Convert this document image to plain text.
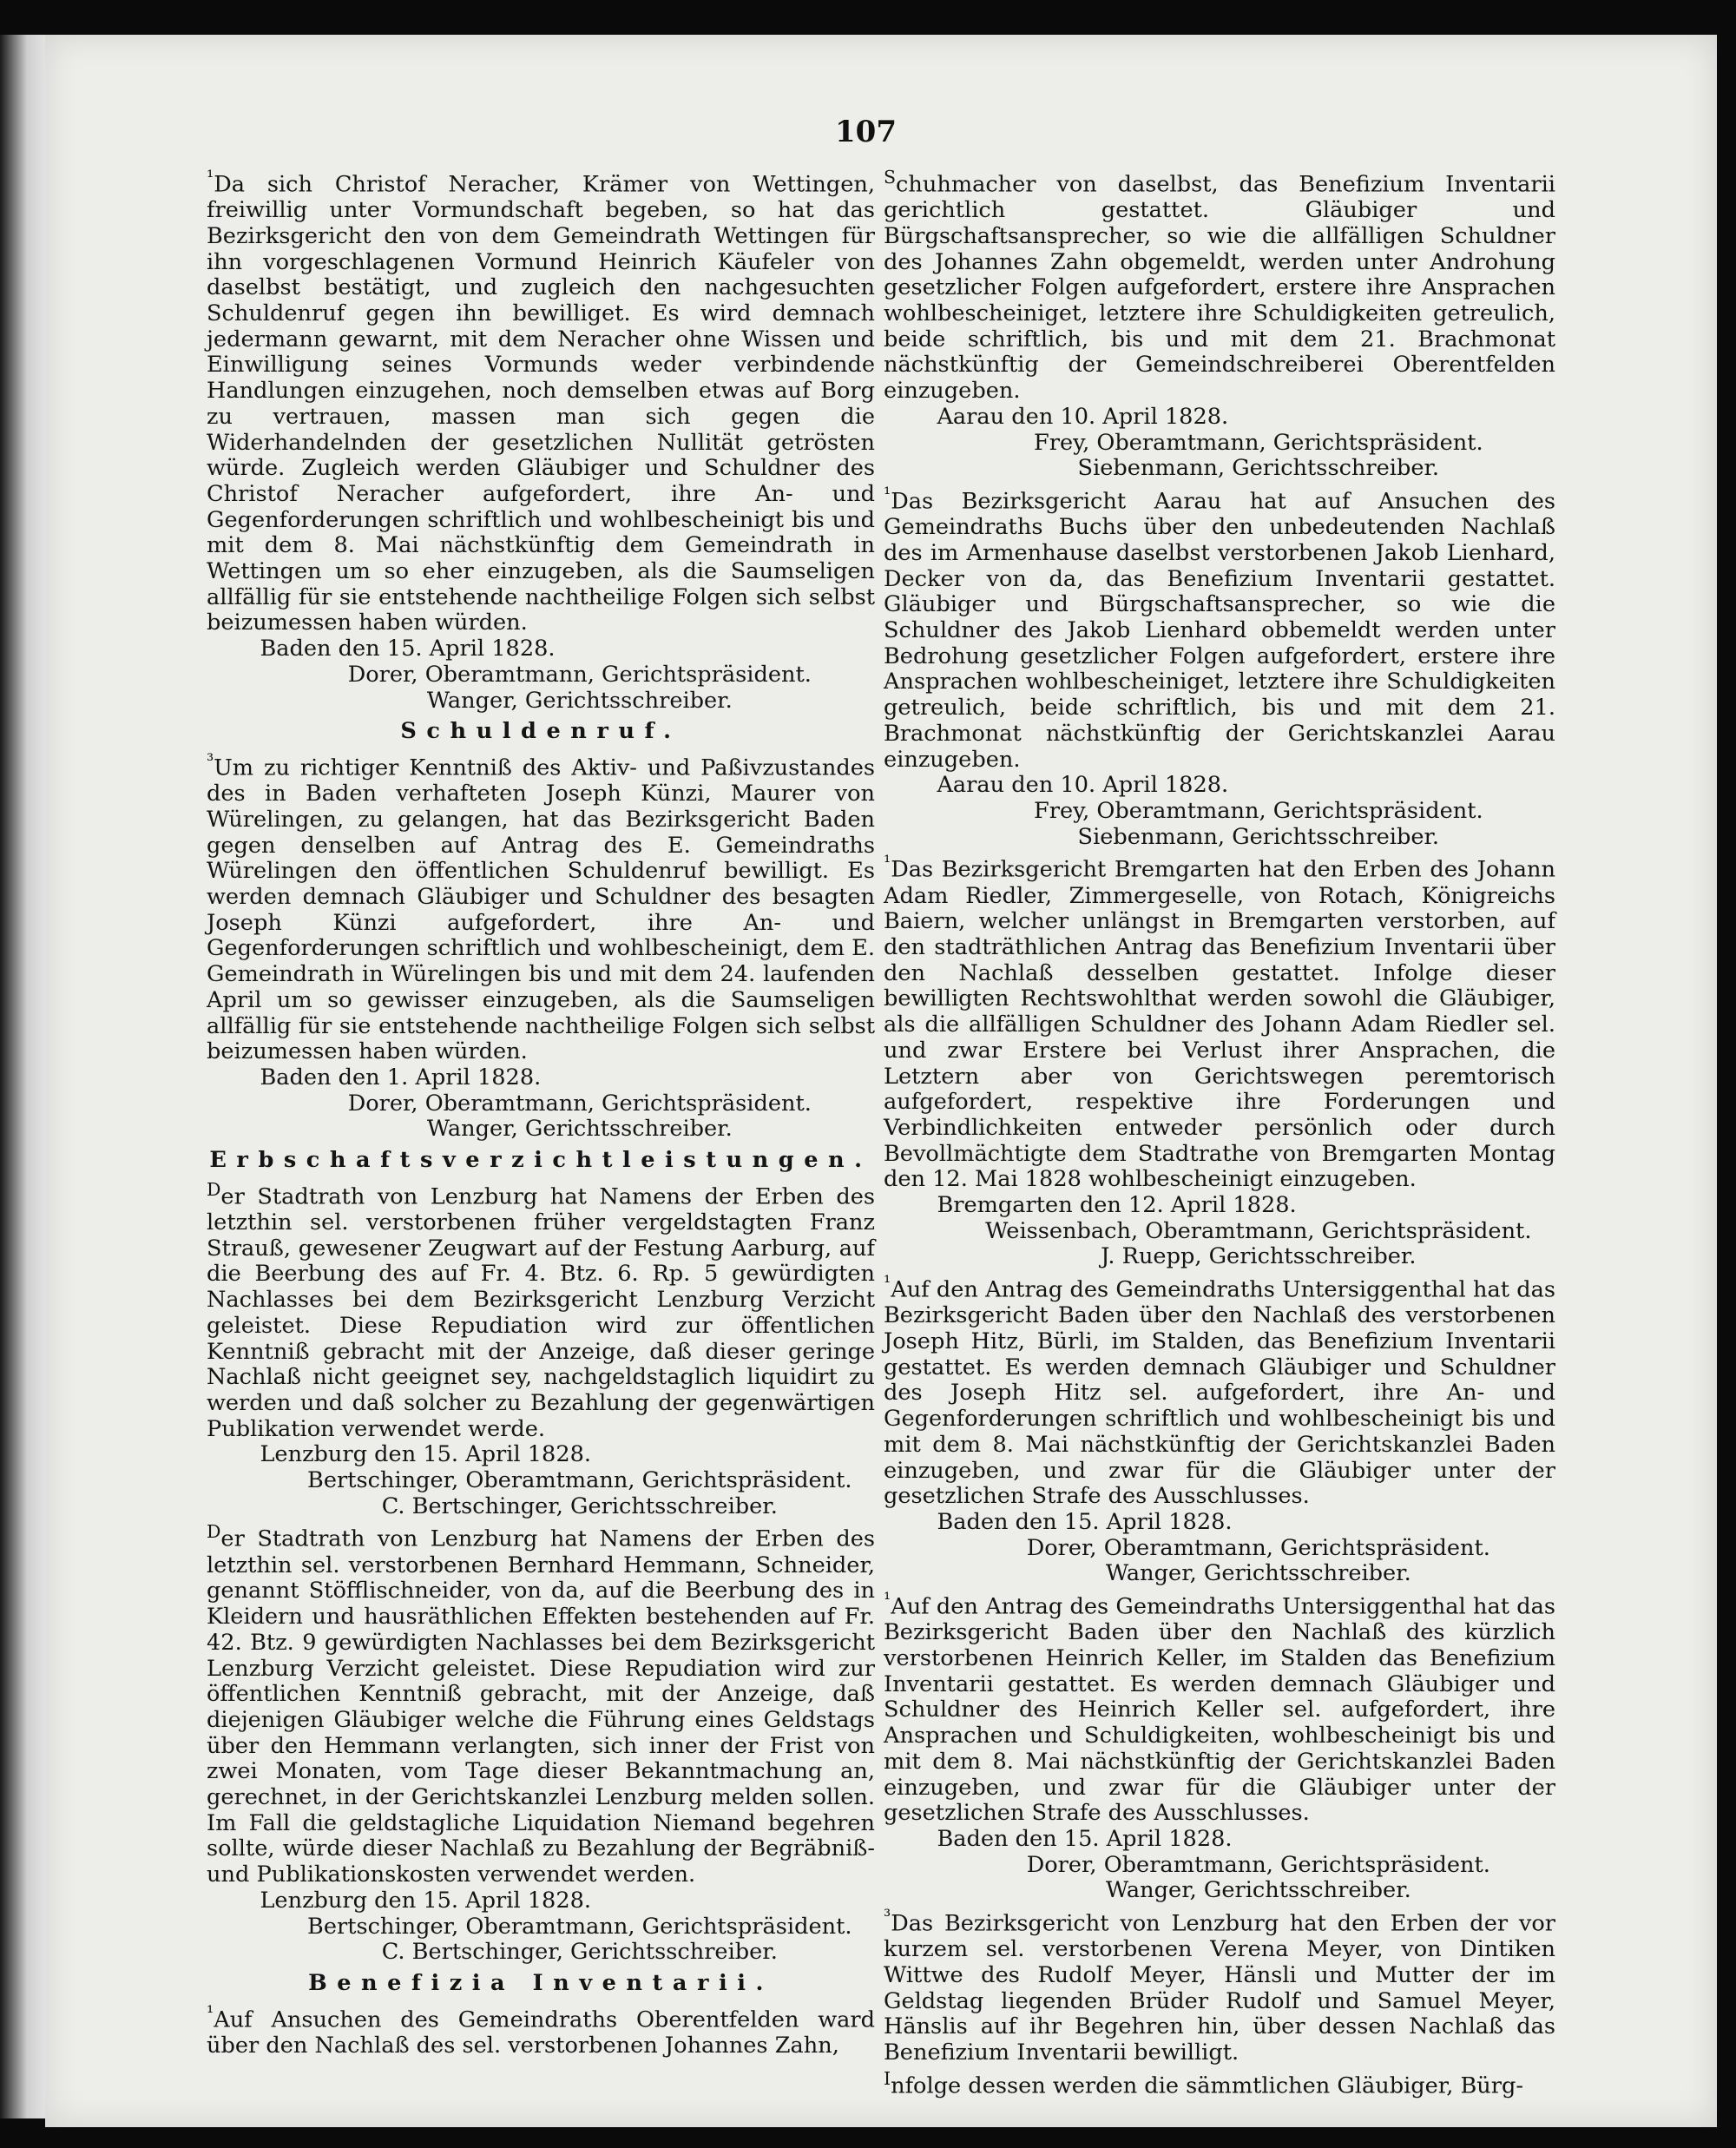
107

¹Da sich Christof Neracher, Krämer von Wettingen, freiwillig unter Vormundschaft begeben, so hat das Bezirksgericht den von dem Gemeindrath Wettingen für ihn vorgeschlagenen Vormund Heinrich Käufeler von daselbst bestätigt, und zugleich den nachgesuchten Schuldenruf gegen ihn bewilliget. Es wird demnach jedermann gewarnt, mit dem Neracher ohne Wissen und Einwilligung seines Vormunds weder verbindende Handlungen einzugehen, noch demselben etwas auf Borg zu vertrauen, massen man sich gegen die Widerhandelnden der gesetzlichen Nullität getrösten würde. Zugleich werden Gläubiger und Schuldner des Christof Neracher aufgefordert, ihre An- und Gegenforderungen schriftlich und wohlbescheinigt bis und mit dem 8. Mai nächstkünftig dem Gemeindrath in Wettingen um so eher einzugeben, als die Saumseligen allfällig für sie entstehende nachtheilige Folgen sich selbst beizumessen haben würden.

Baden den 15. April 1828.

Dorer, Oberamtmann, Gerichtspräsident.

Wanger, Gerichtsschreiber.

Schuldenruf.

³Um zu richtiger Kenntniß des Aktiv- und Paßivzustandes des in Baden verhafteten Joseph Künzi, Maurer von Würelingen, zu gelangen, hat das Bezirksgericht Baden gegen denselben auf Antrag des E. Gemeindraths Würelingen den öffentlichen Schuldenruf bewilligt. Es werden demnach Gläubiger und Schuldner des besagten Joseph Künzi aufgefordert, ihre An- und Gegenforderungen schriftlich und wohlbescheinigt, dem E. Gemeindrath in Würelingen bis und mit dem 24. laufenden April um so gewisser einzugeben, als die Saumseligen allfällig für sie entstehende nachtheilige Folgen sich selbst beizumessen haben würden.

Baden den 1. April 1828.

Dorer, Oberamtmann, Gerichtspräsident.

Wanger, Gerichtsschreiber.

Erbschaftsverzichtleistungen.

Der Stadtrath von Lenzburg hat Namens der Erben des letzthin sel. verstorbenen früher vergeldstagten Franz Strauß, gewesener Zeugwart auf der Festung Aarburg, auf die Beerbung des auf Fr. 4. Btz. 6. Rp. 5 gewürdigten Nachlasses bei dem Bezirksgericht Lenzburg Verzicht geleistet. Diese Repudiation wird zur öffentlichen Kenntniß gebracht mit der Anzeige, daß dieser geringe Nachlaß nicht geeignet sey, nachgeldstaglich liquidirt zu werden und daß solcher zu Bezahlung der gegenwärtigen Publikation verwendet werde.

Lenzburg den 15. April 1828.

Bertschinger, Oberamtmann, Gerichtspräsident.

C. Bertschinger, Gerichtsschreiber.

Der Stadtrath von Lenzburg hat Namens der Erben des letzthin sel. verstorbenen Bernhard Hemmann, Schneider, genannt Stöfflischneider, von da, auf die Beerbung des in Kleidern und hausräthlichen Effekten bestehenden auf Fr. 42. Btz. 9 gewürdigten Nachlasses bei dem Bezirksgericht Lenzburg Verzicht geleistet. Diese Repudiation wird zur öffentlichen Kenntniß gebracht, mit der Anzeige, daß diejenigen Gläubiger welche die Führung eines Geldstags über den Hemmann verlangten, sich inner der Frist von zwei Monaten, vom Tage dieser Bekanntmachung an, gerechnet, in der Gerichtskanzlei Lenzburg melden sollen. Im Fall die geldstagliche Liquidation Niemand begehren sollte, würde dieser Nachlaß zu Bezahlung der Begräbniß- und Publikationskosten verwendet werden.

Lenzburg den 15. April 1828.

Bertschinger, Oberamtmann, Gerichtspräsident.

C. Bertschinger, Gerichtsschreiber.

Benefizia Inventarii.

¹Auf Ansuchen des Gemeindraths Oberentfelden ward über den Nachlaß des sel. verstorbenen Johannes Zahn,

Schuhmacher von daselbst, das Benefizium Inventarii gerichtlich gestattet. Gläubiger und Bürgschaftsansprecher, so wie die allfälligen Schuldner des Johannes Zahn obgemeldt, werden unter Androhung gesetzlicher Folgen aufgefordert, erstere ihre Ansprachen wohlbescheiniget, letztere ihre Schuldigkeiten getreulich, beide schriftlich, bis und mit dem 21. Brachmonat nächstkünftig der Gemeindschreiberei Oberentfelden einzugeben.

Aarau den 10. April 1828.

Frey, Oberamtmann, Gerichtspräsident.

Siebenmann, Gerichtsschreiber.

¹Das Bezirksgericht Aarau hat auf Ansuchen des Gemeindraths Buchs über den unbedeutenden Nachlaß des im Armenhause daselbst verstorbenen Jakob Lienhard, Decker von da, das Benefizium Inventarii gestattet. Gläubiger und Bürgschaftsansprecher, so wie die Schuldner des Jakob Lienhard obbemeldt werden unter Bedrohung gesetzlicher Folgen aufgefordert, erstere ihre Ansprachen wohlbescheiniget, letztere ihre Schuldigkeiten getreulich, beide schriftlich, bis und mit dem 21. Brachmonat nächstkünftig der Gerichtskanzlei Aarau einzugeben.

Aarau den 10. April 1828.

Frey, Oberamtmann, Gerichtspräsident.

Siebenmann, Gerichtsschreiber.

¹Das Bezirksgericht Bremgarten hat den Erben des Johann Adam Riedler, Zimmergeselle, von Rotach, Königreichs Baiern, welcher unlängst in Bremgarten verstorben, auf den stadträthlichen Antrag das Benefizium Inventarii über den Nachlaß desselben gestattet. Infolge dieser bewilligten Rechtswohlthat werden sowohl die Gläubiger, als die allfälligen Schuldner des Johann Adam Riedler sel. und zwar Erstere bei Verlust ihrer Ansprachen, die Letztern aber von Gerichtswegen peremtorisch aufgefordert, respektive ihre Forderungen und Verbindlichkeiten entweder persönlich oder durch Bevollmächtigte dem Stadtrathe von Bremgarten Montag den 12. Mai 1828 wohlbescheinigt einzugeben.

Bremgarten den 12. April 1828.

Weissenbach, Oberamtmann, Gerichtspräsident.

J. Ruepp, Gerichtsschreiber.

¹Auf den Antrag des Gemeindraths Untersiggenthal hat das Bezirksgericht Baden über den Nachlaß des verstorbenen Joseph Hitz, Bürli, im Stalden, das Benefizium Inventarii gestattet. Es werden demnach Gläubiger und Schuldner des Joseph Hitz sel. aufgefordert, ihre An- und Gegenforderungen schriftlich und wohlbescheinigt bis und mit dem 8. Mai nächstkünftig der Gerichtskanzlei Baden einzugeben, und zwar für die Gläubiger unter der gesetzlichen Strafe des Ausschlusses.

Baden den 15. April 1828.

Dorer, Oberamtmann, Gerichtspräsident.

Wanger, Gerichtsschreiber.

¹Auf den Antrag des Gemeindraths Untersiggenthal hat das Bezirksgericht Baden über den Nachlaß des kürzlich verstorbenen Heinrich Keller, im Stalden das Benefizium Inventarii gestattet. Es werden demnach Gläubiger und Schuldner des Heinrich Keller sel. aufgefordert, ihre Ansprachen und Schuldigkeiten, wohlbescheinigt bis und mit dem 8. Mai nächstkünftig der Gerichtskanzlei Baden einzugeben, und zwar für die Gläubiger unter der gesetzlichen Strafe des Ausschlusses.

Baden den 15. April 1828.

Dorer, Oberamtmann, Gerichtspräsident.

Wanger, Gerichtsschreiber.

³Das Bezirksgericht von Lenzburg hat den Erben der vor kurzem sel. verstorbenen Verena Meyer, von Dintiken Wittwe des Rudolf Meyer, Hänsli und Mutter der im Geldstag liegenden Brüder Rudolf und Samuel Meyer, Hänslis auf ihr Begehren hin, über dessen Nachlaß das Benefizium Inventarii bewilligt.

Infolge dessen werden die sämmtlichen Gläubiger, Bürg-
